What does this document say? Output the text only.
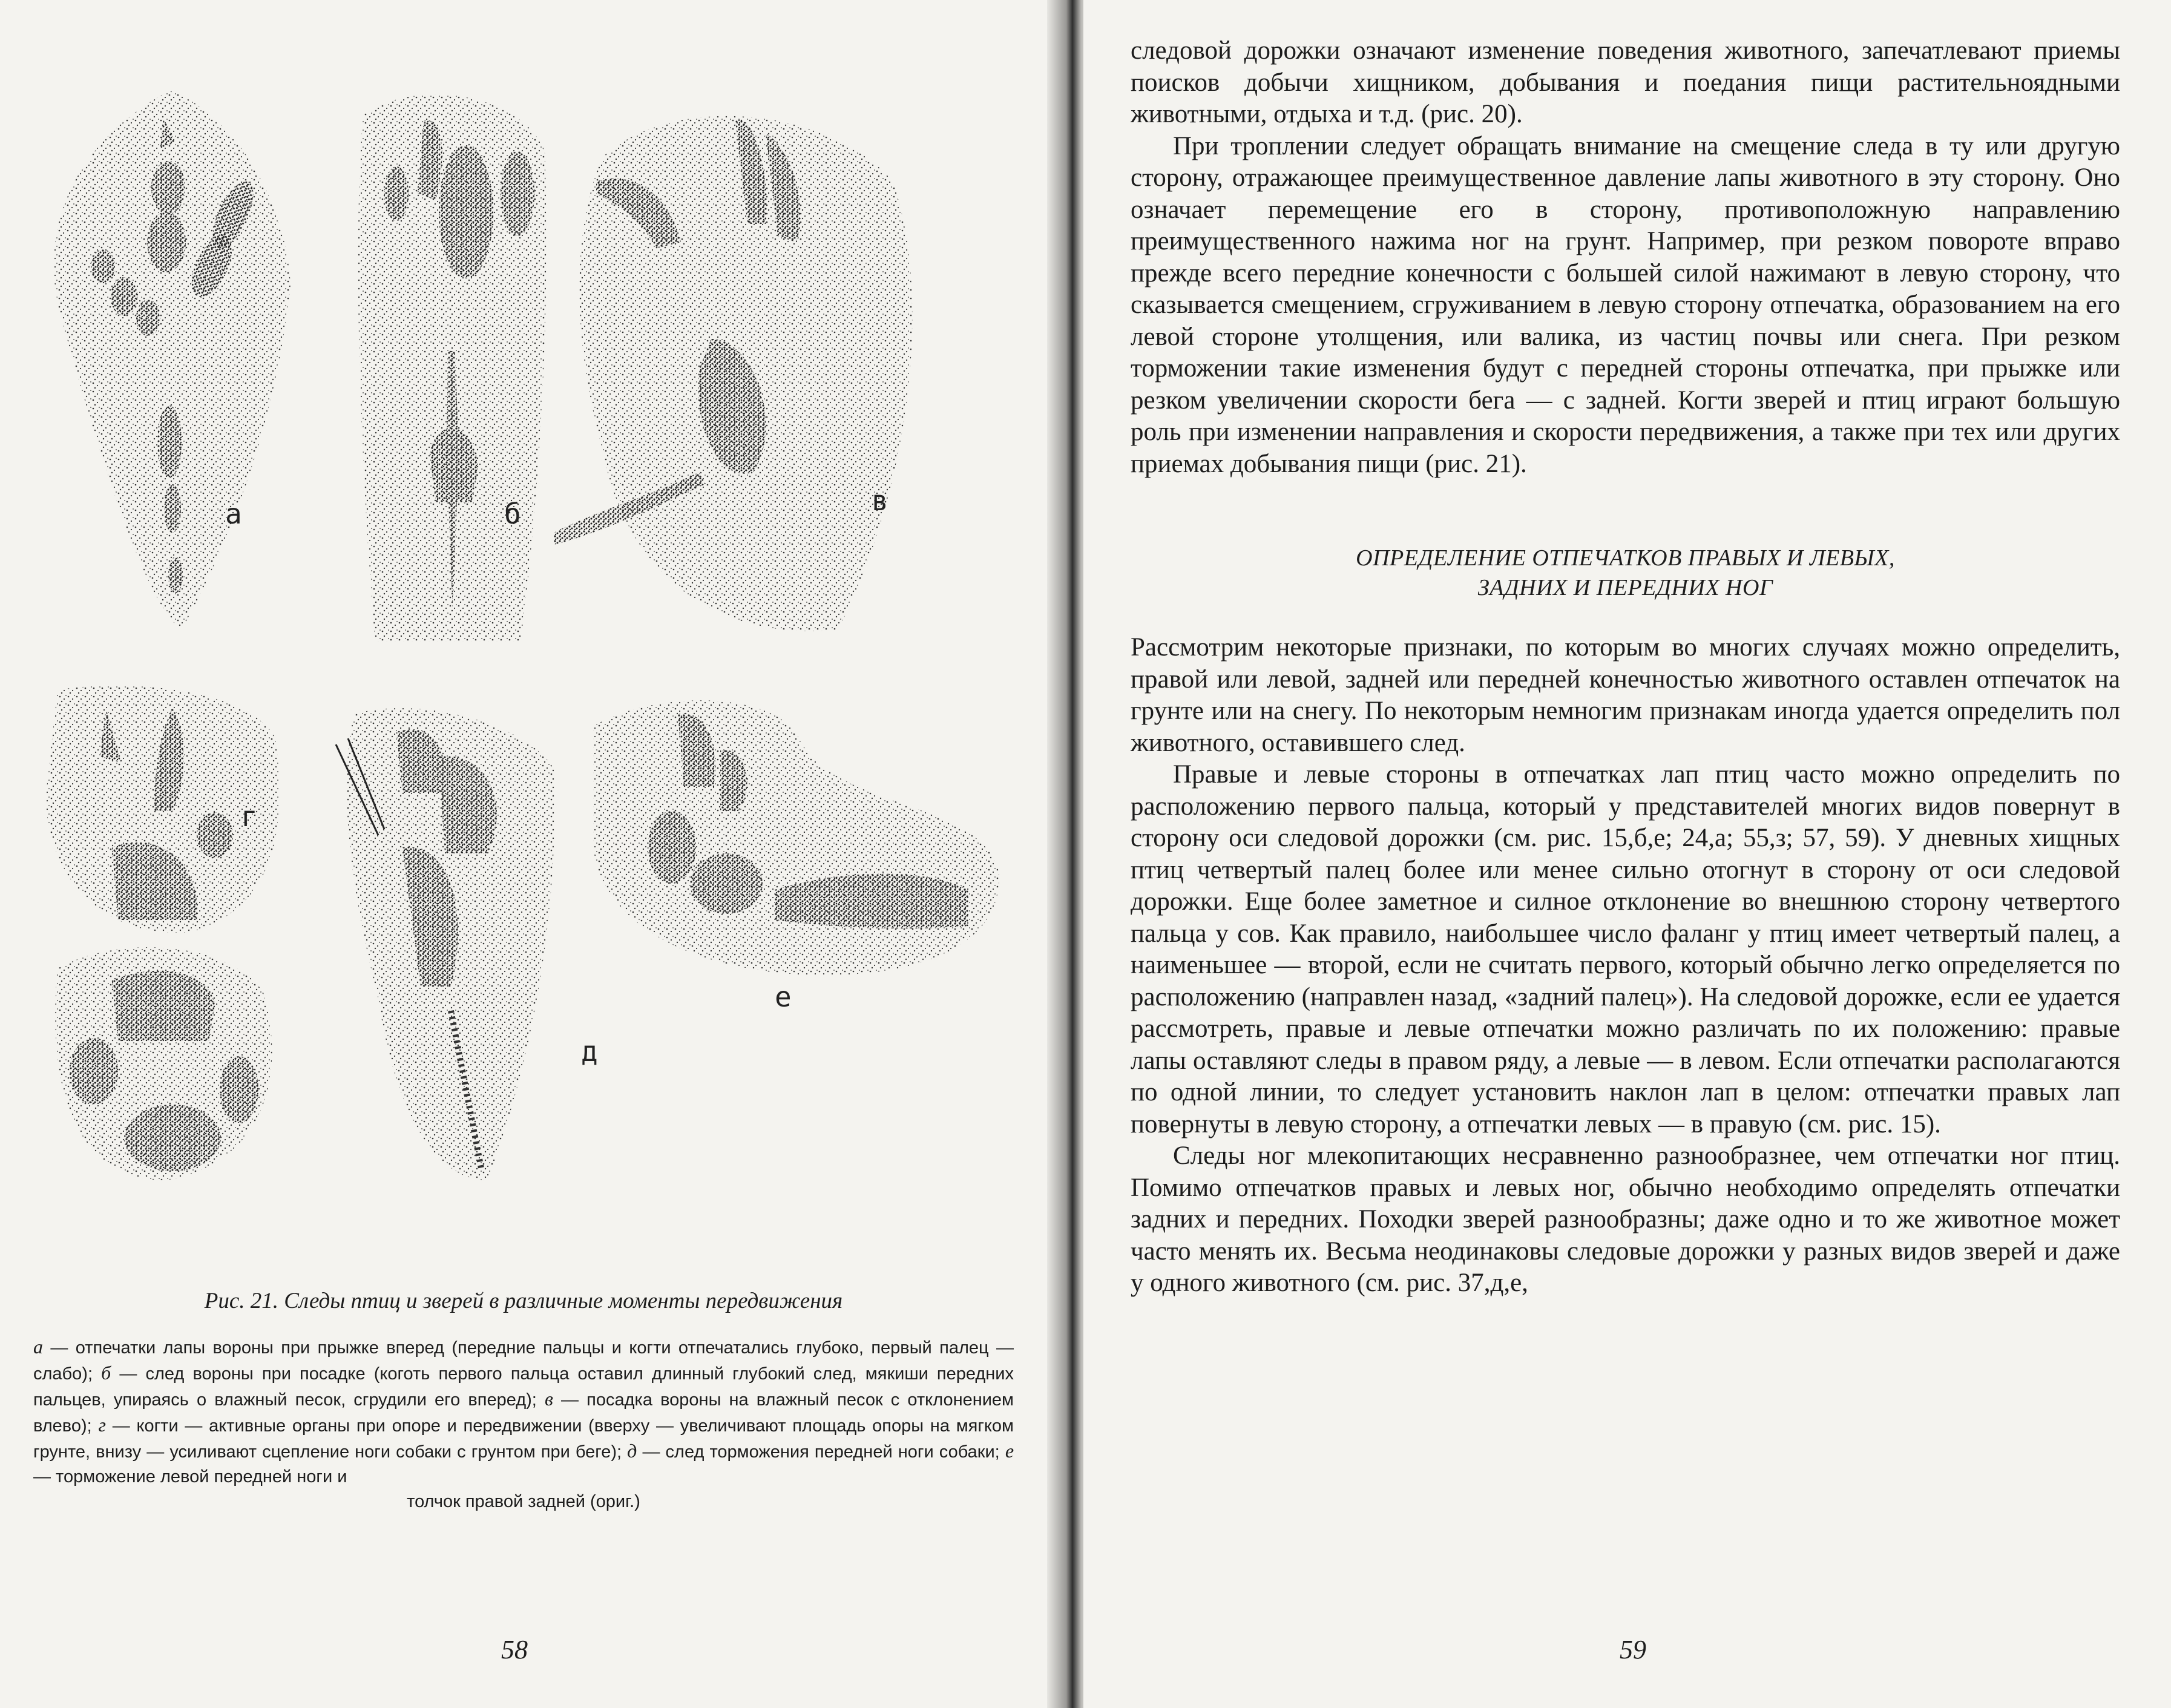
а	б	в
г
д
е
Рис. 21. Следы птиц и зверей в различные моменты передвижения
а — отпечатки лапы вороны при прыжке вперед (передние пальцы и когти отпечатались глубоко, первый палец — слабо); б — след вороны при посадке (коготь первого пальца оставил длинный глубокий след, мякиши передних пальцев, упираясь о влажный песок, сгрудили его вперед); в — посадка вороны на влажный песок с отклонением влево); г — когти — активные органы при опоре и передвижении (вверху — увеличивают площадь опоры на мягком грунте, внизу — усиливают сцепление ноги собаки с грунтом при беге); д — след торможения передней ноги собаки; е — торможение левой передней ноги и
толчок правой задней (ориг.)
58

следовой дорожки означают изменение поведения животного, запечатлевают приемы поисков добычи хищником, добывания и поедания пищи растительноядными животными, отдыха и т.д. (рис. 20).

При троплении следует обращать внимание на смещение следа в ту или другую сторону, отражающее преимущественное давление лапы животного в эту сторону. Оно означает перемещение его в сторону, противоположную направлению преимущественного нажима ног на грунт. Например, при резком повороте вправо прежде всего передние конечности с большей силой нажимают в левую сторону, что сказывается смещением, сгруживанием в левую сторону отпечатка, образованием на его левой стороне утолщения, или валика, из частиц почвы или снега. При резком торможении такие изменения будут с передней стороны отпечатка, при прыжке или резком увеличении скорости бега — с задней. Когти зверей и птиц играют большую роль при изменении направления и скорости передвижения, а также при тех или других приемах добывания пищи (рис. 21).

ОПРЕДЕЛЕНИЕ ОТПЕЧАТКОВ ПРАВЫХ И ЛЕВЫХ,
ЗАДНИХ И ПЕРЕДНИХ НОГ

Рассмотрим некоторые признаки, по которым во многих случаях можно определить, правой или левой, задней или передней конечностью животного оставлен отпечаток на грунте или на снегу. По некоторым немногим признакам иногда удается определить пол животного, оставившего след.

Правые и левые стороны в отпечатках лап птиц часто можно определить по расположению первого пальца, который у представителей многих видов повернут в сторону оси следовой дорожки (см. рис. 15,б,е; 24,а; 55,з; 57, 59). У дневных хищных птиц четвертый палец более или менее сильно отогнут в сторону от оси следовой дорожки. Еще более заметное и силное отклонение во внешнюю сторону четвертого пальца у сов. Как правило, наибольшее число фаланг у птиц имеет четвертый палец, а наименьшее — второй, если не считать первого, который обычно легко определяется по расположению (направлен назад, «задний палец»). На следовой дорожке, если ее удается рассмотреть, правые и левые отпечатки можно различать по их положению: правые лапы оставляют следы в правом ряду, а левые — в левом. Если отпечатки располагаются по одной линии, то следует установить наклон лап в целом: отпечатки правых лап повернуты в левую сторону, а отпечатки левых — в правую (см. рис. 15).

Следы ног млекопитающих несравненно разнообразнее, чем отпечатки ног птиц. Помимо отпечатков правых и левых ног, обычно необходимо определять отпечатки задних и передних. Походки зверей разнообразны; даже одно и то же животное может часто менять их. Весьма неодинаковы следовые дорожки у разных видов зверей и даже у одного животного (см. рис. 37,д,е,

59
